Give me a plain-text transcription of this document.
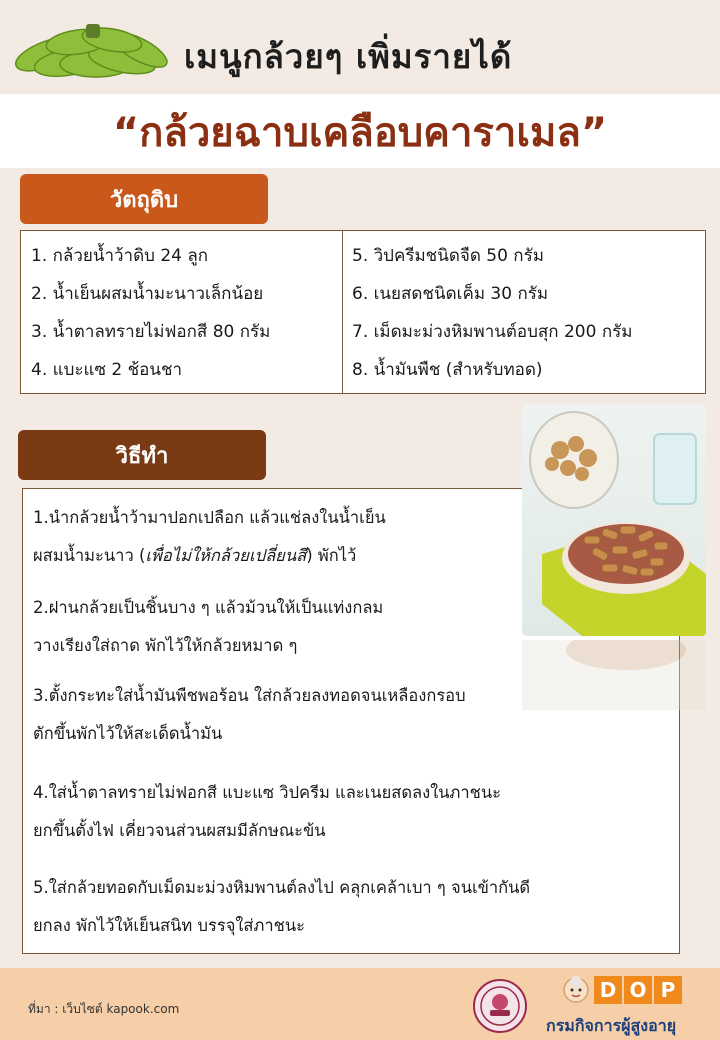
เมนูกล้วยๆ เพิ่มรายได้
“กล้วยฉาบเคลือบคาราเมล”
วัตถุดิบ
1. กล้วยน้ำว้าดิบ 24 ลูก
2. น้ำเย็นผสมน้ำมะนาวเล็กน้อย
3. น้ำตาลทรายไม่ฟอกสี 80 กรัม
4. แบะแซ 2 ช้อนชา
5. วิปครีมชนิดจืด 50 กรัม
6. เนยสดชนิดเค็ม 30 กรัม
7. เม็ดมะม่วงหิมพานต์อบสุก 200 กรัม
8. น้ำมันพืช (สำหรับทอด)
วิธีทำ
1.นำกล้วยน้ำว้ามาปอกเปลือก แล้วแช่ลงในน้ำเย็น
ผสมน้ำมะนาว (เพื่อไม่ให้กล้วยเปลี่ยนสี) พักไว้
2.ฝานกล้วยเป็นชิ้นบาง ๆ แล้วม้วนให้เป็นแท่งกลม
วางเรียงใส่ถาด พักไว้ให้กล้วยหมาด ๆ
3.ตั้งกระทะใส่น้ำมันพืชพอร้อน ใส่กล้วยลงทอดจนเหลืองกรอบ
ตักขึ้นพักไว้ให้สะเด็ดน้ำมัน
4.ใส่น้ำตาลทรายไม่ฟอกสี แบะแซ วิปครีม และเนยสดลงในภาชนะ
ยกขึ้นตั้งไฟ เคี่ยวจนส่วนผสมมีลักษณะข้น
5.ใส่กล้วยทอดกับเม็ดมะม่วงหิมพานต์ลงไป คลุกเคล้าเบา ๆ จนเข้ากันดี
ยกลง พักไว้ให้เย็นสนิท บรรจุใส่ภาชนะ
ที่มา : เว็บไซต์ kapook.com
D O P
กรมกิจการผู้สูงอายุ
